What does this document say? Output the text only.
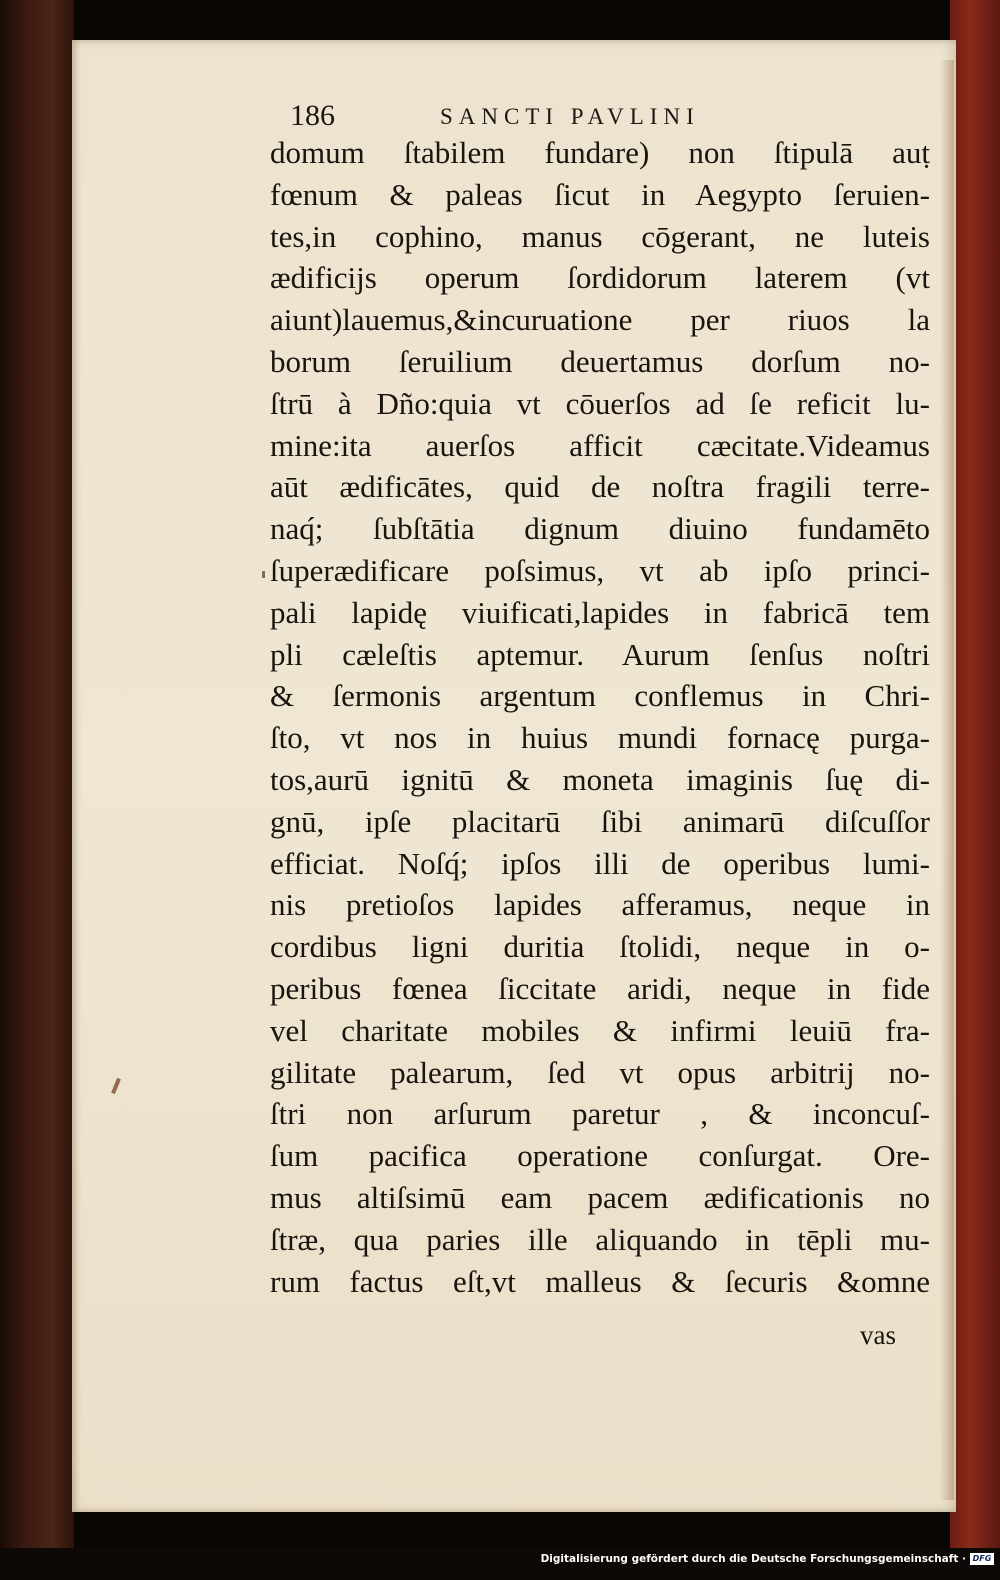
186	SANCTI PAVLINI
domum ſtabilem fundare) non ſtipulā auṭ
fœnum & paleas ſicut in Aegypto ſeruien-
tes,in cophino, manus cōgerant, ne luteis
ædificijs operum ſordidorum laterem (vt
aiunt)lauemus,&incuruatione per riuos la
borum ſeruilium deuertamus dorſum no-
ſtrū à Dño:quia vt cōuerſos ad ſe reficit lu-
mine:ita auerſos afficit cæcitate.Videamus
aūt ædificātes, quid de noſtra fragili terre-
naq́; ſubſtātia dignum diuino fundamēto
ſuperædificare poſsimus, vt ab ipſo princi-
pali lapidę viuificati,lapides in fabricā tem
pli cæleſtis aptemur. Aurum ſenſus noſtri
& ſermonis argentum conflemus in Chri-
ſto, vt nos in huius mundi fornacę purga-
tos,aurū ignitū & moneta imaginis ſuę di-
gnū, ipſe placitarū ſibi animarū diſcuſſor
efficiat. Noſq́; ipſos illi de operibus lumi-
nis pretioſos lapides afferamus, neque in
cordibus ligni duritia ſtolidi, neque in o-
peribus fœnea ſiccitate aridi, neque in fide
vel charitate mobiles & infirmi leuiū fra-
gilitate palearum, ſed vt opus arbitrij no-
ſtri non arſurum paretur , & inconcuſ-
ſum pacifica operatione conſurgat. Ore-
mus altiſsimū eam pacem ædificationis no
ſtræ, qua paries ille aliquando in tēpli mu-
rum factus eſt,vt malleus & ſecuris &omne
vas
Digitalisierung gefördert durch die Deutsche Forschungsgemeinschaft · DFG
